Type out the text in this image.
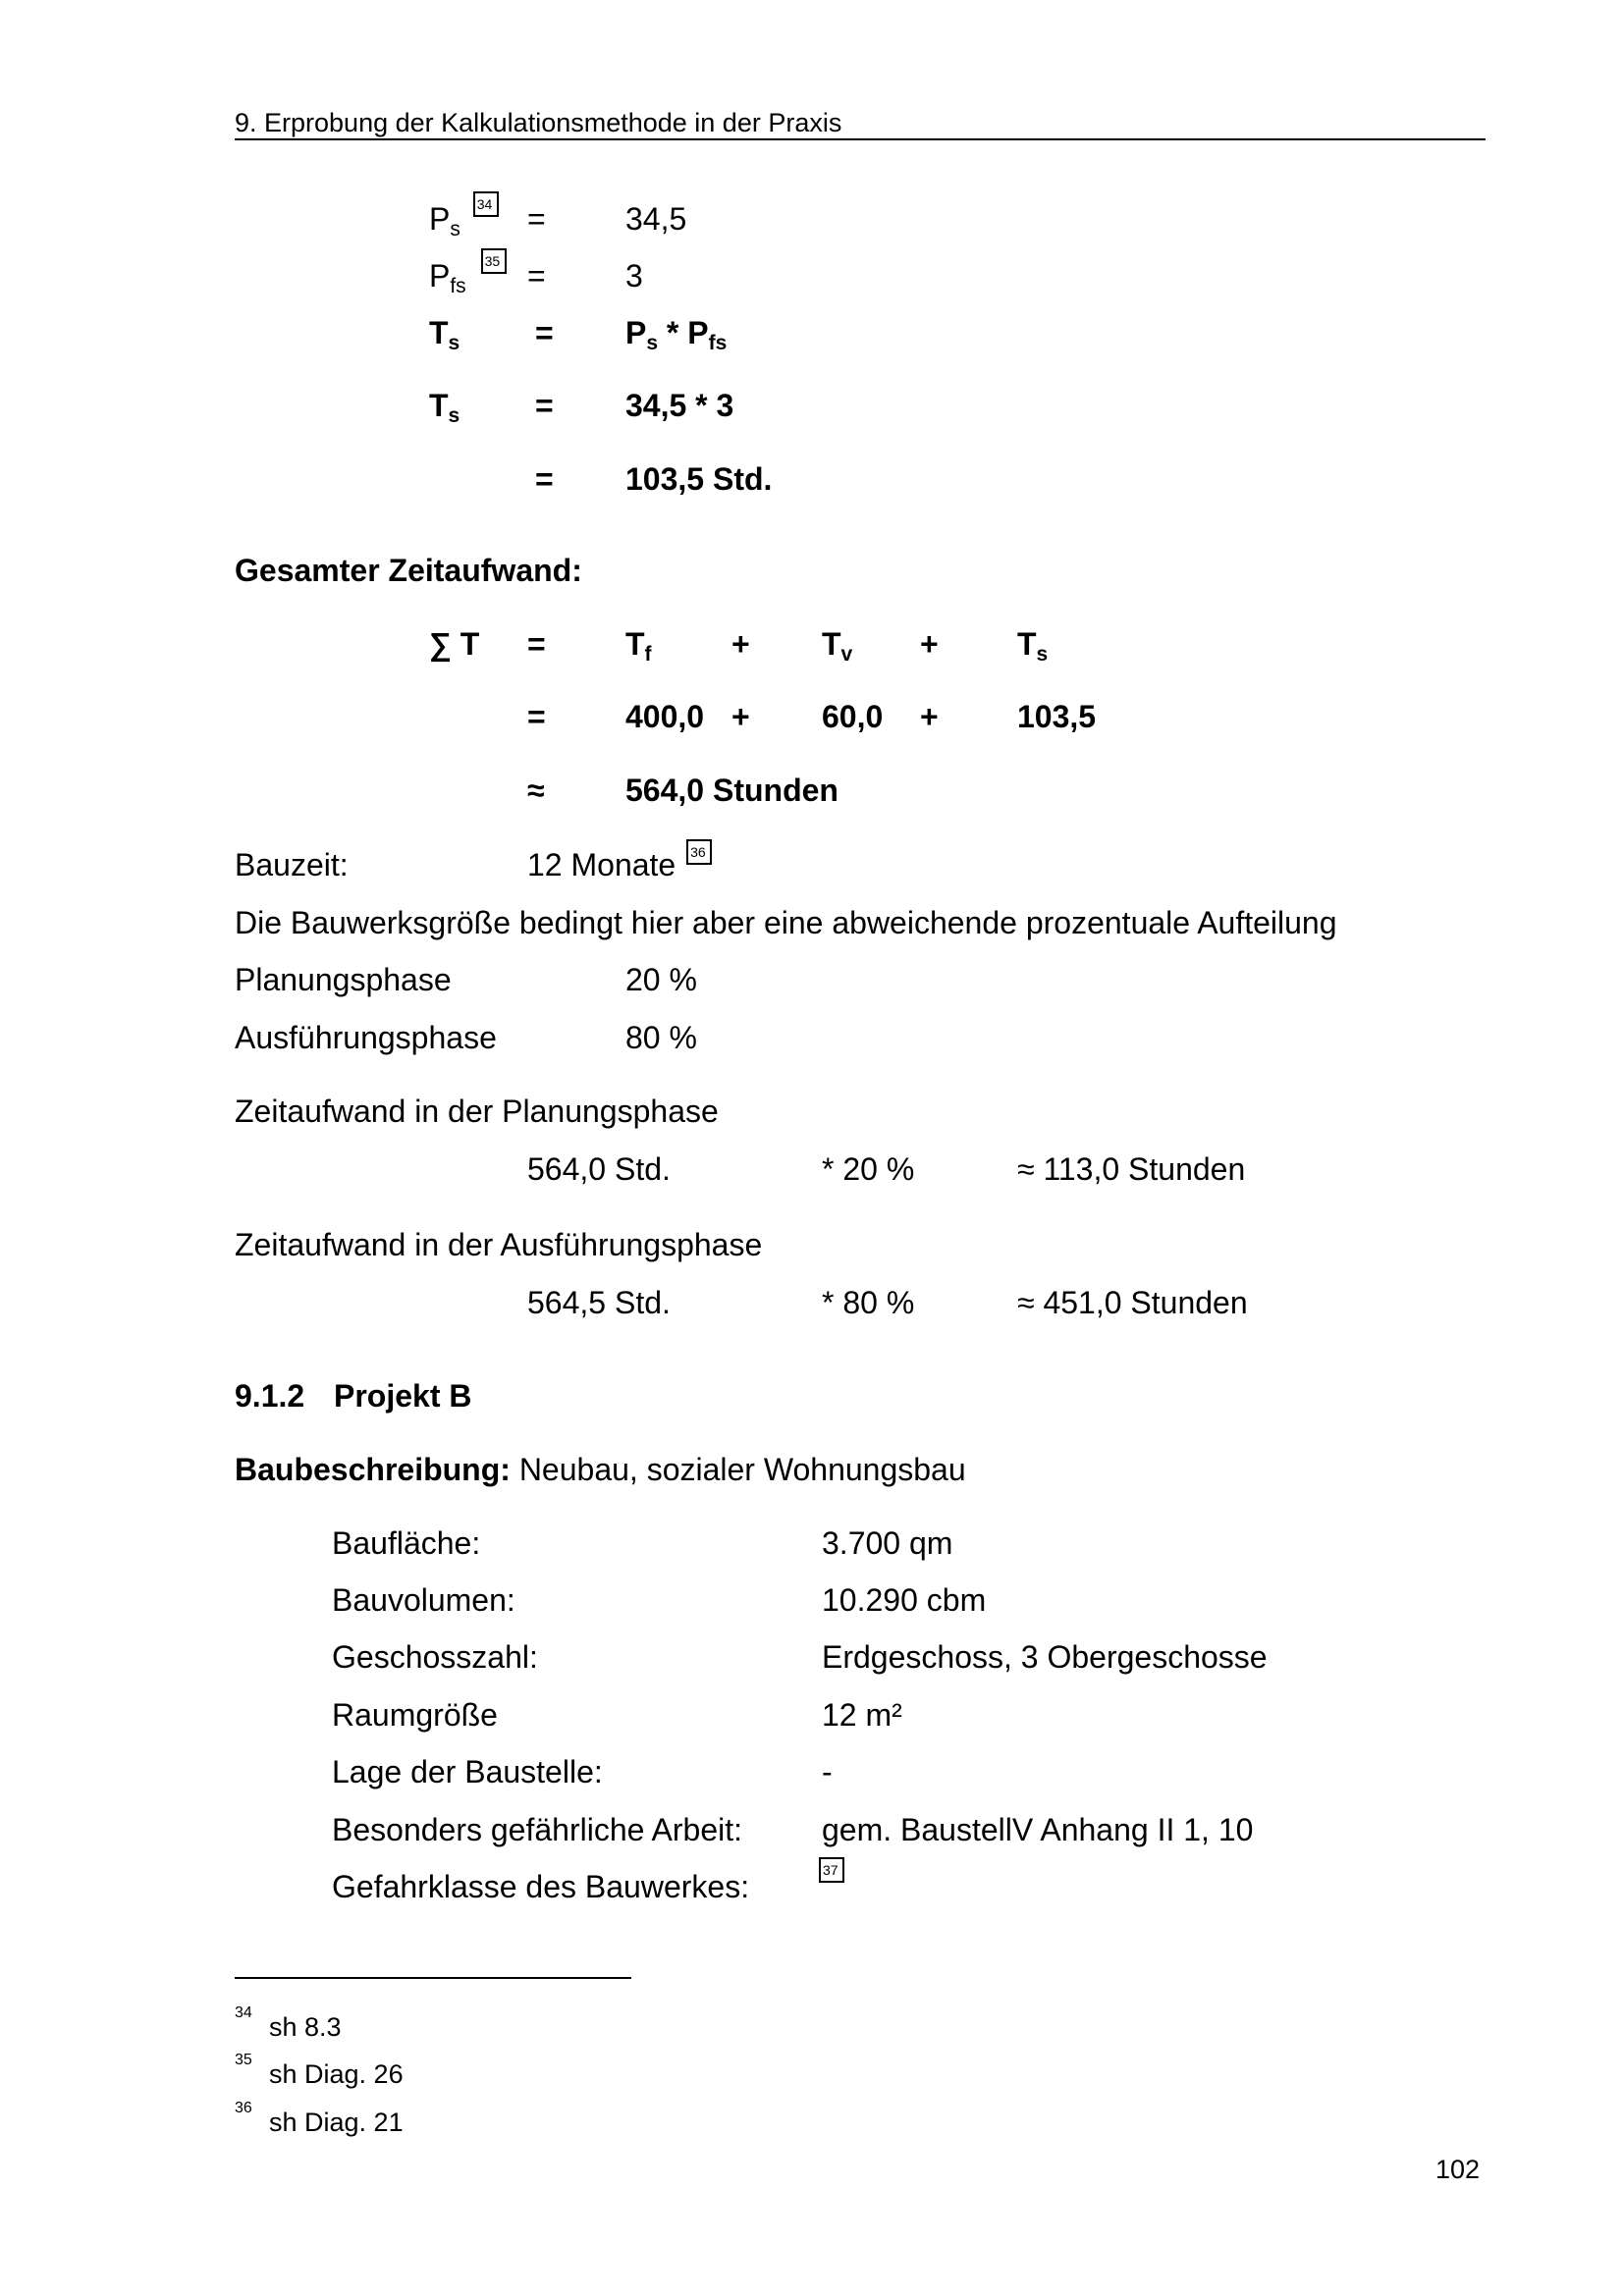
9. Erprobung der Kalkulationsmethode in der Praxis
$P_s$ 34 =	34,5
$P_{fs}$ 35 =	3
$T_s = P_s * P_{fs}$
$T_s = 34,5 * 3$
= 103,5 Std.
Gesamter Zeitaufwand:
∑ T =	$T_f$	+ $T_v$ +	$T_s$
=	400,0 + 60,0 +	103,5
≈	564,0 Stunden
Bauzeit:	12 Monate 36
Die Bauwerksgröße bedingt hier aber eine abweichende prozentuale Aufteilung
Planungsphase	20 %
Ausführungsphase	80 %
Zeitaufwand in der Planungsphase
564,0 Std.	* 20 %	≈ 113,0 Stunden
Zeitaufwand in der Ausführungsphase
564,5 Std.	* 80 %	≈ 451,0 Stunden
9.1.2 Projekt B
Baubeschreibung: Neubau, sozialer Wohnungsbau
Baufläche:	3.700 qm
Bauvolumen:	10.290 cbm
Geschosszahl:	Erdgeschoss, 3 Obergeschosse
Raumgröße	12 m²
Lage der Baustelle:	-
Besonders gefährliche Arbeit:	gem. BaustellV Anhang II 1, 10
Gefahrklasse des Bauwerkes:	37
34 sh 8.3
35 sh Diag. 26
36 sh Diag. 21
102
